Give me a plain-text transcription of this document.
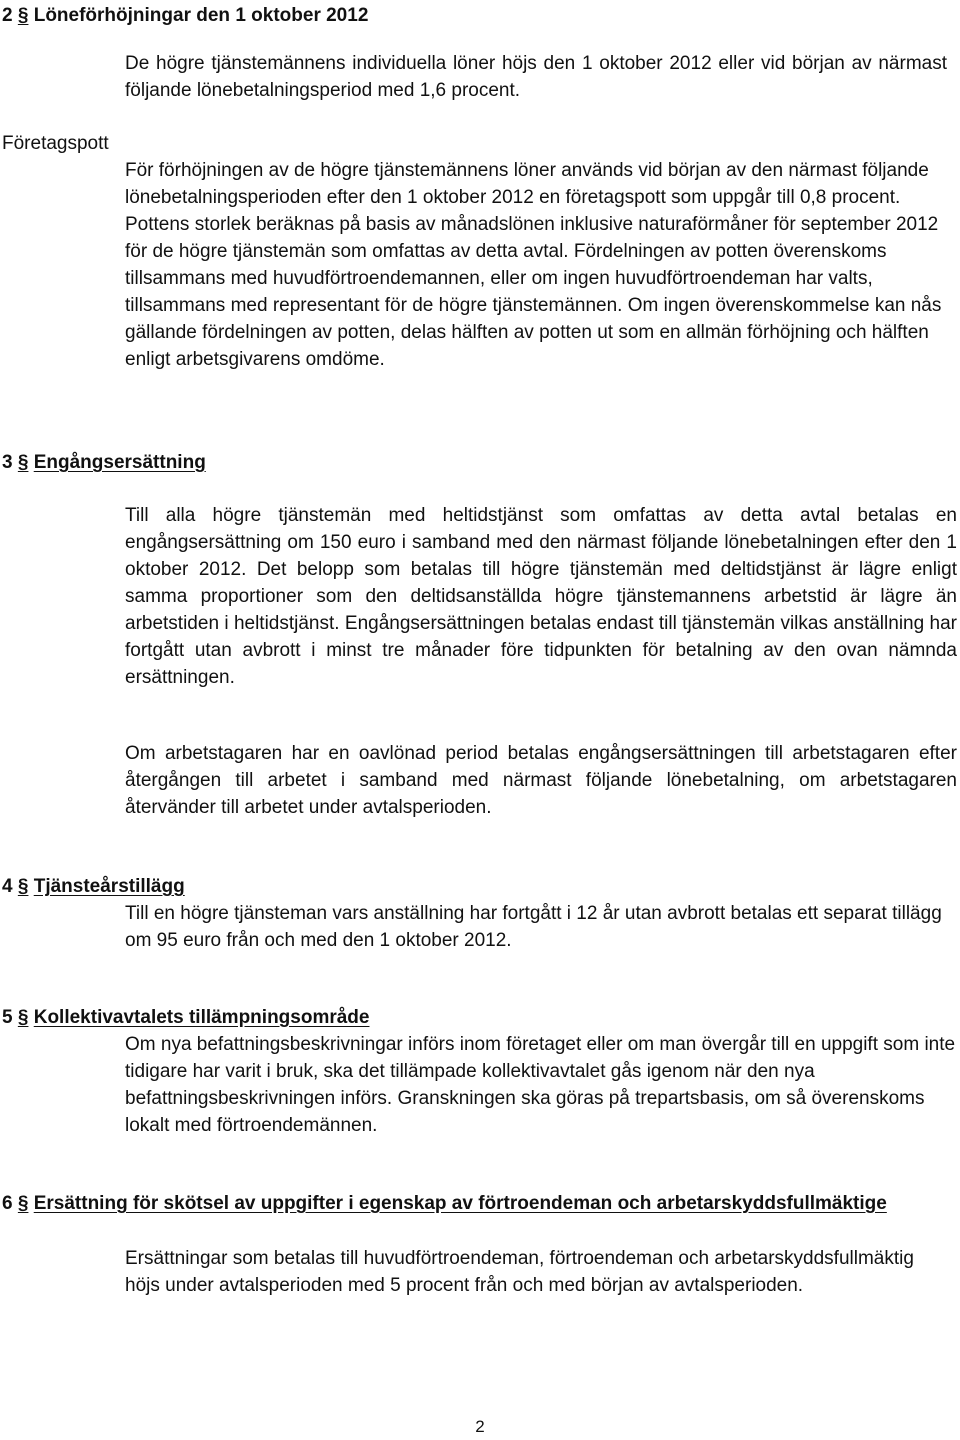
2 § Löneförhöjningar den 1 oktober 2012

De högre tjänstemännens individuella löner höjs den 1 oktober 2012 eller vid början av närmast följande lönebetalningsperiod med 1,6 procent.

Företagspott

För förhöjningen av de högre tjänstemännens löner används vid början av den närmast följande lönebetalningsperioden efter den 1 oktober 2012 en företagspott som uppgår till 0,8 procent. Pottens storlek beräknas på basis av månadslönen inklusive naturaförmåner för september 2012 för de högre tjänstemän som omfattas av detta avtal. Fördelningen av potten överenskoms tillsammans med huvudförtroendemannen, eller om ingen huvudförtroendeman har valts, tillsammans med representant för de högre tjänstemännen. Om ingen överenskommelse kan nås gällande fördelningen av potten, delas hälften av potten ut som en allmän förhöjning och hälften enligt arbetsgivarens omdöme.

3 § Engångsersättning

Till alla högre tjänstemän med heltidstjänst som omfattas av detta avtal betalas en engångsersättning om 150 euro i samband med den närmast följande lönebetalningen efter den 1 oktober 2012. Det belopp som betalas till högre tjänstemän med deltidstjänst är lägre enligt samma proportioner som den deltidsanställda högre tjänstemannens arbetstid är lägre än arbetstiden i heltidstjänst. Engångsersättningen betalas endast till tjänstemän vilkas anställning har fortgått utan avbrott i minst tre månader före tidpunkten för betalning av den ovan nämnda ersättningen.

Om arbetstagaren har en oavlönad period betalas engångsersättningen till arbetstagaren efter återgången till arbetet i samband med närmast följande lönebetalning, om arbetstagaren återvänder till arbetet under avtalsperioden.

4 § Tjänsteårstillägg

Till en högre tjänsteman vars anställning har fortgått i 12 år utan avbrott betalas ett separat tillägg om 95 euro från och med den 1 oktober 2012.

5 § Kollektivavtalets tillämpningsområde

Om nya befattningsbeskrivningar införs inom företaget eller om man övergår till en uppgift som inte tidigare har varit i bruk, ska det tillämpade kollektivavtalet gås igenom när den nya befattningsbeskrivningen införs. Granskningen ska göras på trepartsbasis, om så överenskoms lokalt med förtroendemännen.

6 § Ersättning för skötsel av uppgifter i egenskap av förtroendeman och arbetarskyddsfullmäktige

Ersättningar som betalas till huvudförtroendeman, förtroendeman och arbetarskyddsfullmäktig höjs under avtalsperioden med 5 procent från och med början av avtalsperioden.

2
